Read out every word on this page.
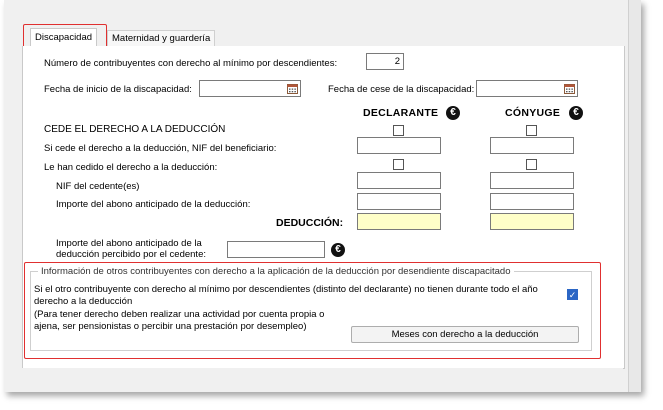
Discapacidad	Maternidad y guardería
Número de contribuyentes con derecho al mínimo por descendientes:	2
Fecha de inicio de la discapacidad:	Fecha de cese de la discapacidad:
DECLARANTE	€	CÓNYUGE	€
CEDE EL DERECHO A LA DEDUCCIÓN
Si cede el derecho a la deducción, NIF del beneficiario:
Le han cedido el derecho a la deducción:
NIF del cedente(es)
Importe del abono anticipado de la deducción:
DEDUCCIÓN:
Importe del abono anticipado de la deducción percibido por el cedente:	€
Información de otros contribuyentes con derecho a la aplicación de la deducción por desendiente discapacitado
Si el otro contribuyente con derecho al mínimo por descendientes (distinto del declarante) no tienen durante todo el año derecho a la deducción
✓
(Para tener derecho deben realizar una actividad por cuenta propia o ajena, ser pensionistas o percibir una prestación por desempleo)
Meses con derecho a la deducción
